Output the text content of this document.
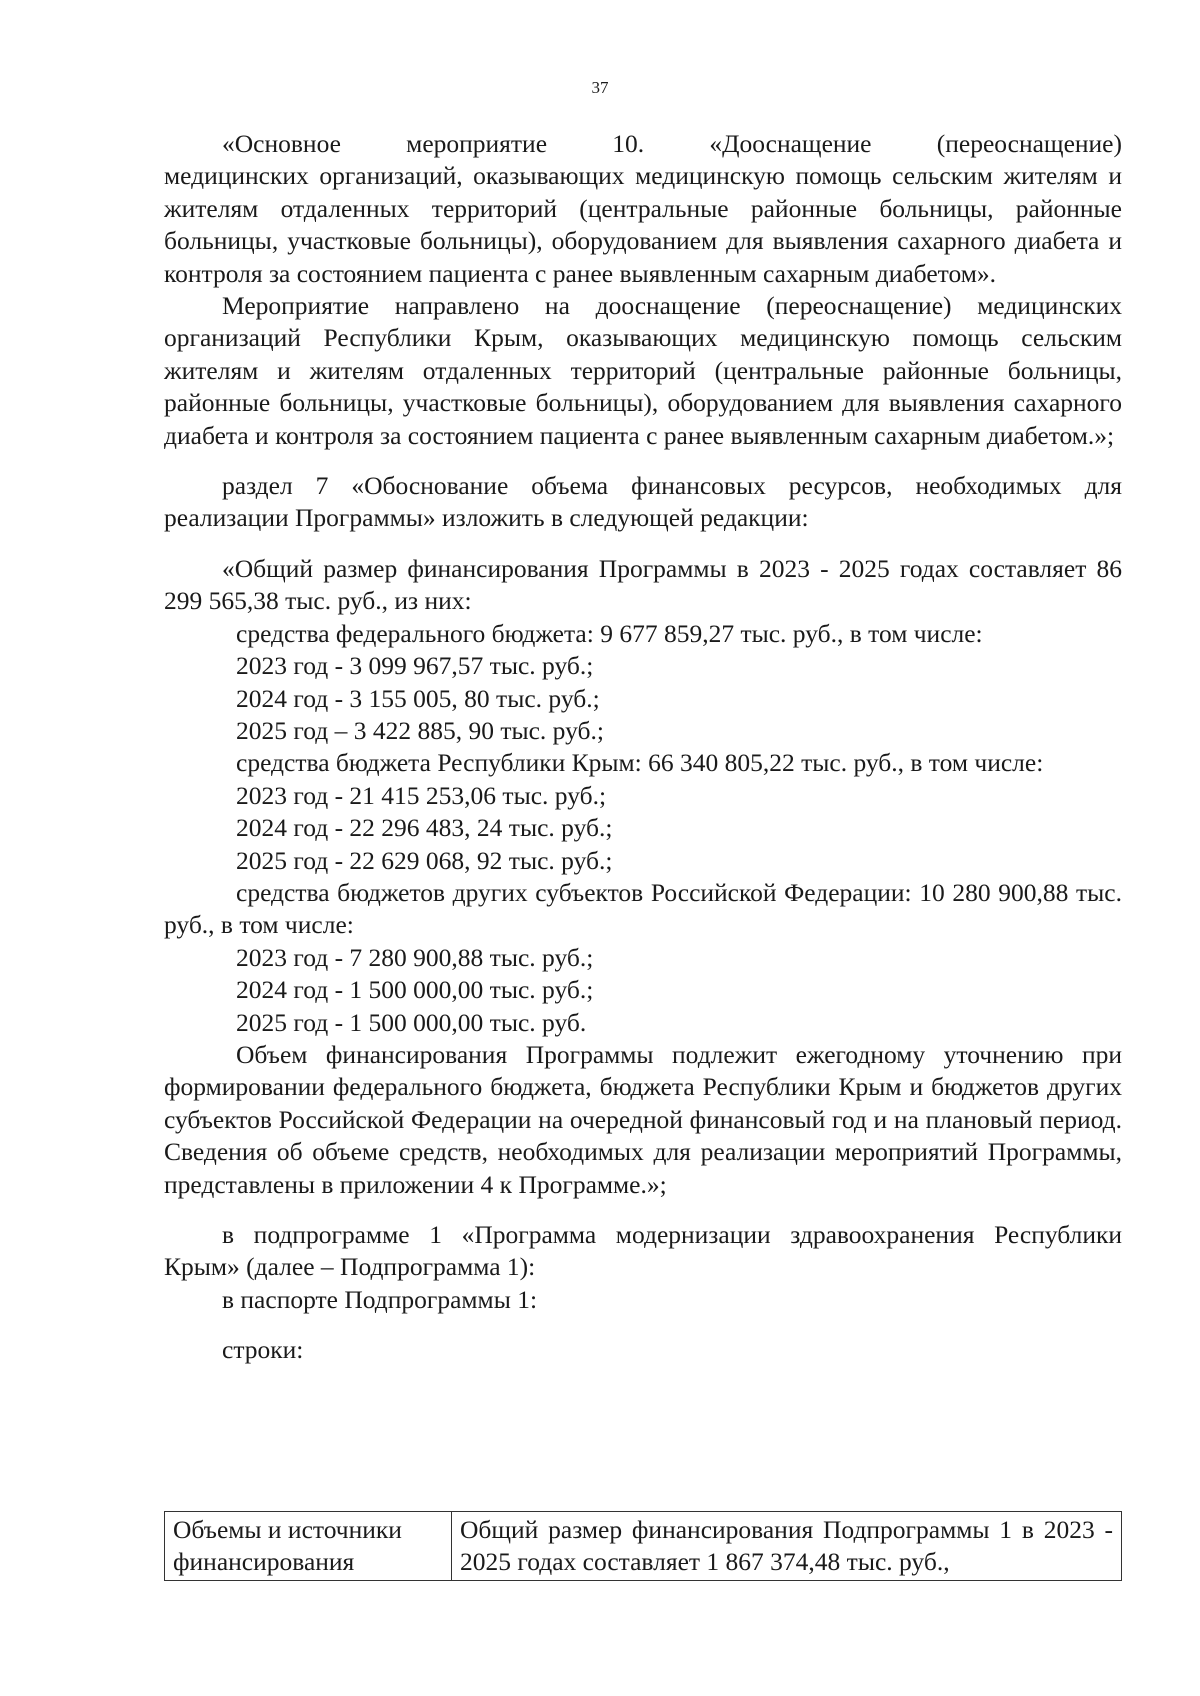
37

«Основное мероприятие 10. «Дооснащение (переоснащение)

медицинских организаций, оказывающих медицинскую помощь сельским жителям и жителям отдаленных территорий (центральные районные больницы, районные больницы, участковые больницы), оборудованием для выявления сахарного диабета и контроля за состоянием пациента с ранее выявленным сахарным диабетом».

Мероприятие направлено на дооснащение (переоснащение) медицинских организаций Республики Крым, оказывающих медицинскую помощь сельским жителям и жителям отдаленных территорий (центральные районные больницы, районные больницы, участковые больницы), оборудованием для выявления сахарного диабета и контроля за состоянием пациента с ранее выявленным сахарным диабетом.»;

раздел 7 «Обоснование объема финансовых ресурсов, необходимых для реализации Программы» изложить в следующей редакции:

«Общий размер финансирования Программы в 2023 - 2025 годах составляет 86 299 565,38 тыс. руб., из них:

средства федерального бюджета: 9 677 859,27 тыс. руб., в том числе:

2023 год - 3 099 967,57 тыс. руб.;

2024 год - 3 155 005, 80 тыс. руб.;

2025 год – 3 422 885, 90 тыс. руб.;

средства бюджета Республики Крым: 66 340 805,22 тыс. руб., в том числе:

2023 год - 21 415 253,06 тыс. руб.;

2024 год - 22 296 483, 24 тыс. руб.;

2025 год - 22 629 068, 92 тыс. руб.;

средства бюджетов других субъектов Российской Федерации: 10 280 900,88 тыс. руб., в том числе:

2023 год - 7 280 900,88 тыс. руб.;

2024 год - 1 500 000,00 тыс. руб.;

2025 год - 1 500 000,00 тыс. руб.

Объем финансирования Программы подлежит ежегодному уточнению при формировании федерального бюджета, бюджета Республики Крым и бюджетов других субъектов Российской Федерации на очередной финансовый год и на плановый период. Сведения об объеме средств, необходимых для реализации мероприятий Программы, представлены в приложении 4 к Программе.»;

в подпрограмме 1 «Программа модернизации здравоохранения Республики Крым» (далее – Подпрограмма 1):

в паспорте Подпрограммы 1:

строки:

Объемы и источники финансирования	Общий размер финансирования Подпрограммы 1 в 2023 - 2025 годах составляет 1 867 374,48 тыс. руб.,
